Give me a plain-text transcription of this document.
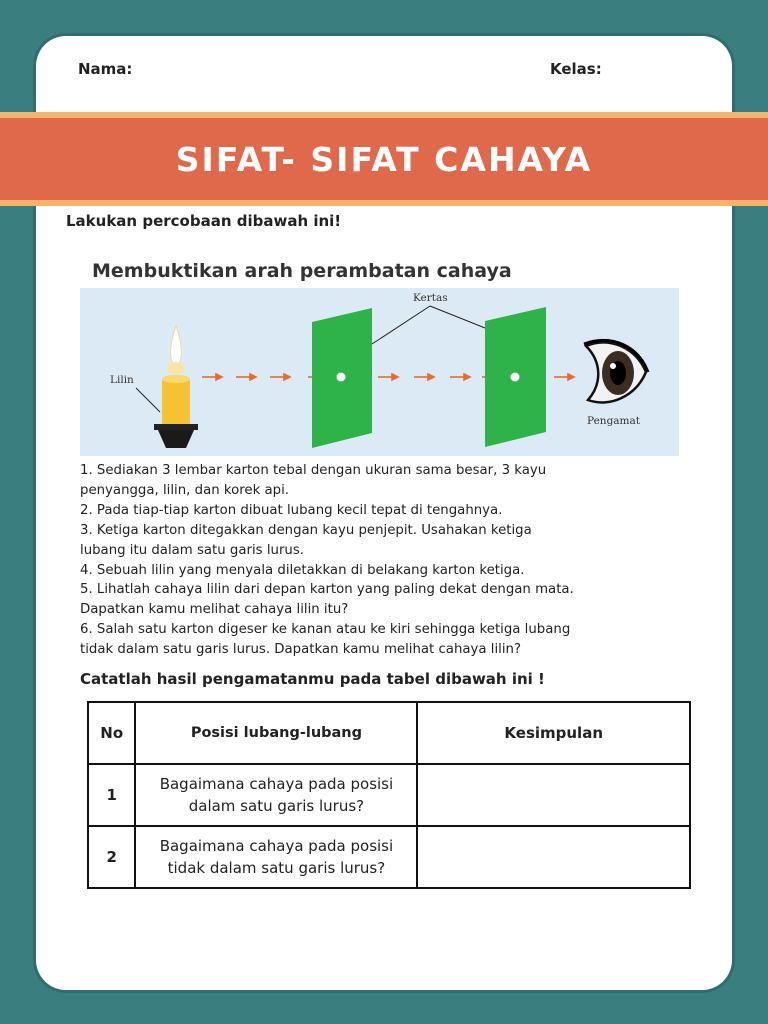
Nama:	Kelas:
SIFAT- SIFAT CAHAYA
Lakukan percobaan dibawah ini!
Membuktikan arah perambatan cahaya
Kertas
Lilin
Pengamat
1. Sediakan 3 lembar karton tebal dengan ukuran sama besar, 3 kayu
penyangga, lilin, dan korek api.
2. Pada tiap-tiap karton dibuat lubang kecil tepat di tengahnya.
3. Ketiga karton ditegakkan dengan kayu penjepit. Usahakan ketiga
lubang itu dalam satu garis lurus.
4. Sebuah lilin yang menyala diletakkan di belakang karton ketiga.
5. Lihatlah cahaya lilin dari depan karton yang paling dekat dengan mata.
Dapatkan kamu melihat cahaya lilin itu?
6. Salah satu karton digeser ke kanan atau ke kiri sehingga ketiga lubang
tidak dalam satu garis lurus. Dapatkan kamu melihat cahaya lilin?
Catatlah hasil pengamatanmu pada tabel dibawah ini !
No	Posisi lubang-lubang	Kesimpulan
1	Bagaimana cahaya pada posisi
dalam satu garis lurus?	

2	Bagaimana cahaya pada posisi
tidak dalam satu garis lurus?	
